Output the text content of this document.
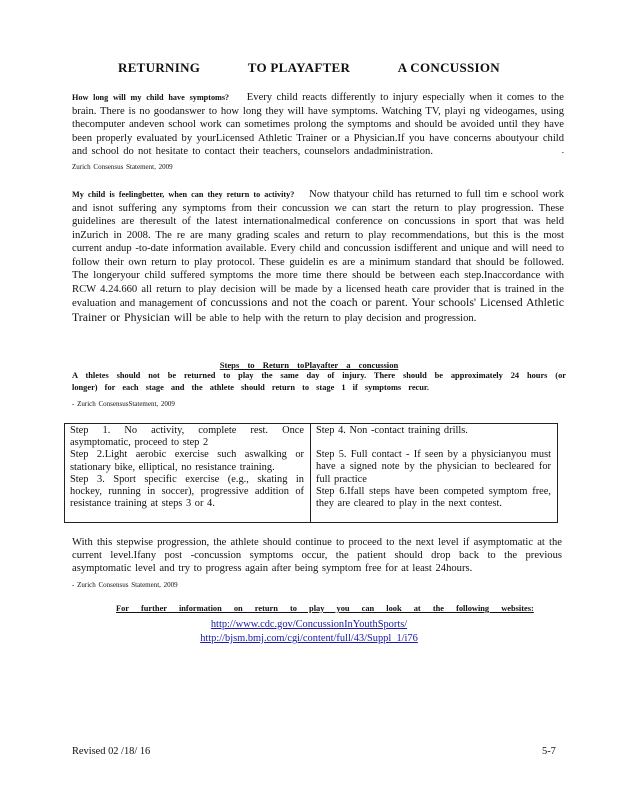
RETURNING	TO PLAYAFTER	A CONCUSSION
How long will my child have symptoms? Every child reacts differently to injury especially when it comes to the brain. There is no goodanswer to how long they will have symptoms. Watching TV, playi ng videogames, using thecomputer andeven school work can sometimes prolong the symptoms and should be avoided until they have been properly evaluated by yourLicensed Athletic Trainer or a Physician.If you have concerns aboutyour child and school do not hesitate to contact their teachers, counselors andadministration.	- Zurich Consensus Statement, 2009
My child is feelingbetter, when can they return to activity? Now thatyour child has returned to full tim e school work and isnot suffering any symptoms from their concussion we can start the return to play progression. These guidelines are theresult of the latest internationalmedical conference on concussions in sport that was held inZurich in 2008. The re are many grading scales and return to play recommendations, but this is the most current andup -to-date information available. Every child and concussion isdifferent and unique and will need to follow their own return to play protocol. These guidelin es are a minimum standard that should be followed. The longeryour child suffered symptoms the more time there should be between each step.Inaccordance with RCW 4.24.660 all return to play decision will be made by a licensed heath care provider that is trained in the evaluation and management of concussions and not the coach or parent. Your schools' Licensed Athletic Trainer or Physician will be able to help with the return to play decision and progression.
Steps to Return toPlayafter a concussion
A thletes should not be returned to play the same day of injury. There should be approximately 24 hours (or longer) for each stage and the athlete should return to stage 1 if symptoms recur.
- Zurich ConsensusStatement, 2009

Step 1. No activity, complete rest. Once asymptomatic, proceed to step 2

Step 2.Light aerobic exercise such aswalking or stationary bike, elliptical, no resistance training.

Step 3. Sport specific exercise (e.g., skating in hockey, running in soccer), progressive addition of resistance training at steps 3 or 4.

Step 4. Non -contact training drills.

Step 5. Full contact - If seen by a physicianyou must have a signed note by the physician to becleared for full practice

Step 6.Ifall steps have been competed symptom free, they are cleared to play in the next contest.

With this stepwise progression, the athlete should continue to proceed to the next level if asymptomatic at the current level.Ifany post -concussion symptoms occur, the patient should drop back to the previous asymptomatic level and try to progress again after being symptom free for at least 24hours.
- Zurich Consensus Statement, 2009
For further information on return to play you can look at the following websites:
http://www.cdc.gov/ConcussionInYouthSports/
http://bjsm.bmj.com/cgi/content/full/43/Suppl_1/i76
Revised 02 /18/ 16	5-7
